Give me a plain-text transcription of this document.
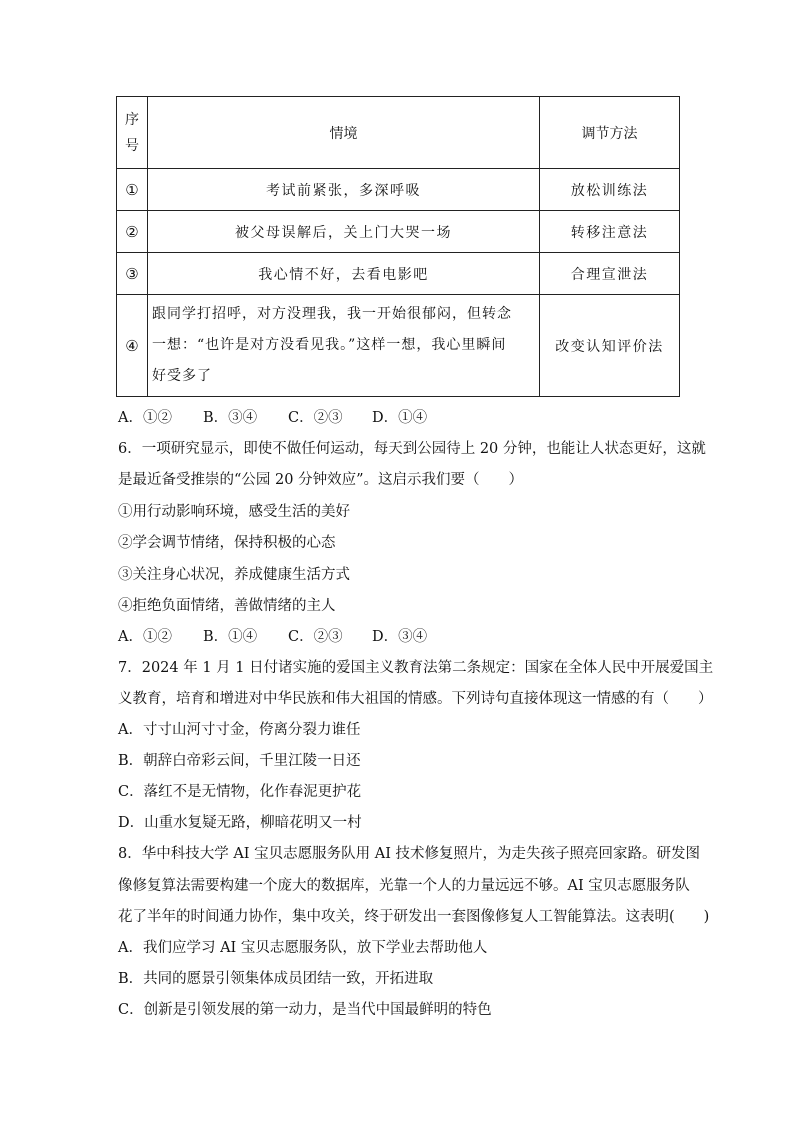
序号	情境	调节方法
①	考试前紧张，多深呼吸	放松训练法
②	被父母误解后，关上门大哭一场	转移注意法
③	我心情不好，去看电影吧	合理宣泄法
④	跟同学打招呼，对方没理我，我一开始很郁闷，但转念
一想：“也许是对方没看见我。”这样一想，我心里瞬间
好受多了	改变认知评价法
A．①② B．③④ C．②③ D．①④
6．一项研究显示，即使不做任何运动，每天到公园待上 20 分钟，也能让人状态更好，这就
是最近备受推崇的“公园 20 分钟效应”。这启示我们要（　　）
①用行动影响环境，感受生活的美好
②学会调节情绪，保持积极的心态
③关注身心状况，养成健康生活方式
④拒绝负面情绪，善做情绪的主人
A．①② B．①④ C．②③ D．③④
7．2024 年 1 月 1 日付诸实施的爱国主义教育法第二条规定：国家在全体人民中开展爱国主
义教育，培育和增进对中华民族和伟大祖国的情感。下列诗句直接体现这一情感的有（　　）
A．寸寸山河寸寸金，侉离分裂力谁任
B．朝辞白帝彩云间，千里江陵一日还
C．落红不是无情物，化作春泥更护花
D．山重水复疑无路，柳暗花明又一村
8．华中科技大学 AI 宝贝志愿服务队用 AI 技术修复照片，为走失孩子照亮回家路。研发图
像修复算法需要构建一个庞大的数据库，光靠一个人的力量远远不够。AI 宝贝志愿服务队
花了半年的时间通力协作，集中攻关，终于研发出一套图像修复人工智能算法。这表明(　　)
A．我们应学习 AI 宝贝志愿服务队，放下学业去帮助他人
B．共同的愿景引领集体成员团结一致，开拓进取
C．创新是引领发展的第一动力，是当代中国最鲜明的特色
